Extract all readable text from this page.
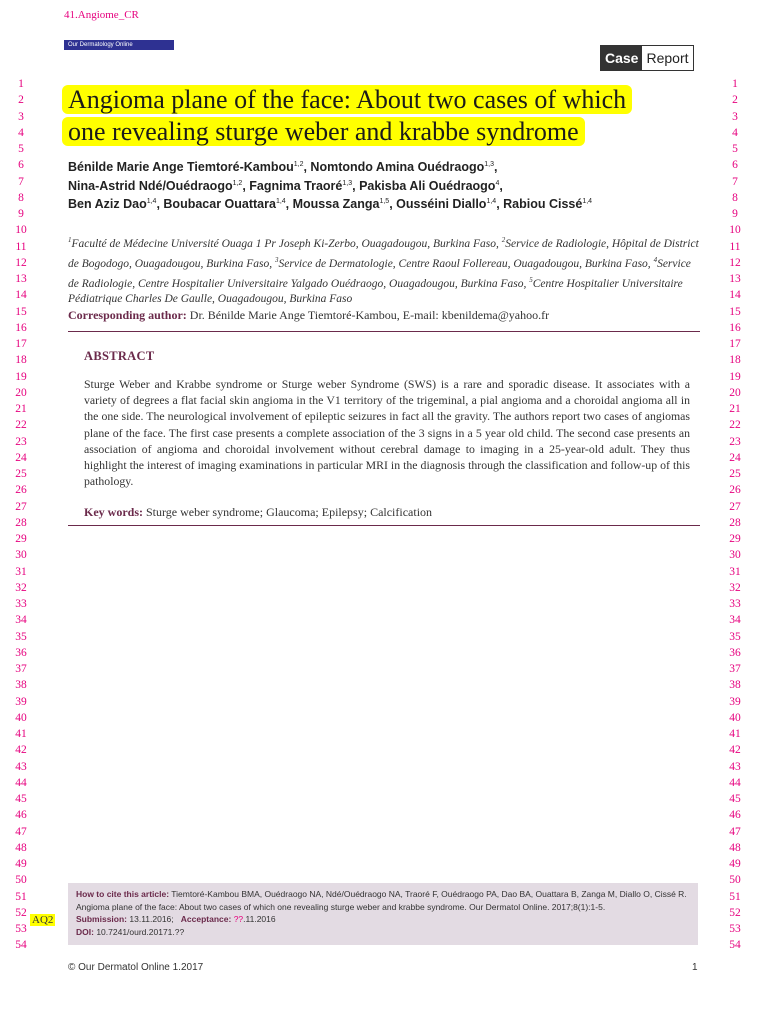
41.Angiome_CR
Our Dermatology Online
Case Report
1
2
3
4
5
6
7
8
9
10
11
12
13
14
15
16
17
18
19
20
21
22
23
24
25
26
27
28
29
30
31
32
33
34
35
36
37
38
39
40
41
42
43
44
45
46
47
48
49
50
51
52
53
54
1
2
3
4
5
6
7
8
9
10
11
12
13
14
15
16
17
18
19
20
21
22
23
24
25
26
27
28
29
30
31
32
33
34
35
36
37
38
39
40
41
42
43
44
45
46
47
48
49
50
51
52
53
54
Angioma plane of the face: About two cases of which
one revealing sturge weber and krabbe syndrome
Bénilde Marie Ange Tiemtoré-Kambou$^{1,2}$, Nomtondo Amina Ouédraogo$^{1,3}$,
Nina-Astrid Ndé/Ouédraogo$^{1,2}$, Fagnima Traoré$^{1,3}$, Pakisba Ali Ouédraogo$^4$,
Ben Aziz Dao$^{1,4}$, Boubacar Ouattara$^{1,4}$, Moussa Zanga$^{1,5}$, Ousséini Diallo$^{1,4}$, Rabiou Cissé$^{1,4}$
$^1$Faculté de Médecine Université Ouaga 1 Pr Joseph Ki-Zerbo, Ouagadougou, Burkina Faso, $^2$Service de Radiologie, Hôpital de District de Bogodogo, Ouagadougou, Burkina Faso, $^3$Service de Dermatologie, Centre Raoul Follereau, Ouagadougou, Burkina Faso, $^4$Service de Radiologie, Centre Hospitalier Universitaire Yalgado Ouédraogo, Ouagadougou, Burkina Faso, $^5$Centre Hospitalier Universitaire Pédiatrique Charles De Gaulle, Ouagadougou, Burkina Faso
Corresponding author: Dr. Bénilde Marie Ange Tiemtoré-Kambou, E-mail: kbenildema@yahoo.fr
ABSTRACT
Sturge Weber and Krabbe syndrome or Sturge weber Syndrome (SWS) is a rare and sporadic disease. It associates with a variety of degrees a flat facial skin angioma in the V1 territory of the trigeminal, a pial angioma and a choroidal angioma all in the one side. The neurological involvement of epileptic seizures in fact all the gravity. The authors report two cases of angiomas plane of the face. The first case presents a complete association of the 3 signs in a 5 year old child. The second case presents an association of angioma and choroidal involvement without cerebral damage to imaging in a 25-year-old adult. They thus highlight the interest of imaging examinations in particular MRI in the diagnosis through the classification and follow-up of this pathology.
Key words: Sturge weber syndrome; Glaucoma; Epilepsy; Calcification
How to cite this article: Tiemtoré-Kambou BMA, Ouédraogo NA, Ndé/Ouédraogo NA, Traoré F, Ouédraogo PA, Dao BA, Ouattara B, Zanga M, Diallo O, Cissé R. Angioma plane of the face: About two cases of which one revealing sturge weber and krabbe syndrome. Our Dermatol Online. 2017;8(1):1-5.
Submission: 13.11.2016; Acceptance: ??.11.2016
DOI: 10.7241/ourd.20171.??
AQ2
© Our Dermatol Online 1.2017	1
